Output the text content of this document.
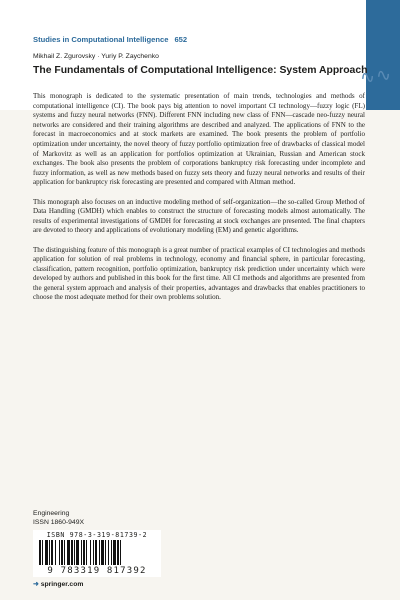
∿∿
Studies in Computational Intelligence 652
Mikhail Z. Zgurovsky · Yuriy P. Zaychenko
The Fundamentals of Computational Intelligence: System Approach

This monograph is dedicated to the systematic presentation of main trends, technologies and methods of computational intelligence (CI). The book pays big attention to novel important CI technology—fuzzy logic (FL) systems and fuzzy neural networks (FNN). Different FNN including new class of FNN—cascade neo-fuzzy neural networks are considered and their training algorithms are described and analyzed. The applications of FNN to the forecast in macroeconomics and at stock markets are examined. The book presents the problem of portfolio optimization under uncertainty, the novel theory of fuzzy portfolio optimization free of drawbacks of classical model of Markovitz as well as an application for portfolios optimization at Ukrainian, Russian and American stock exchanges. The book also presents the problem of corporations bankruptcy risk forecasting under incomplete and fuzzy information, as well as new methods based on fuzzy sets theory and fuzzy neural networks and results of their application for bankruptcy risk forecasting are presented and compared with Altman method.

This monograph also focuses on an inductive modeling method of self-organization—the so-called Group Method of Data Handling (GMDH) which enables to construct the structure of forecasting models almost automatically. The results of experimental investigations of GMDH for forecasting at stock exchanges are presented. The final chapters are devoted to theory and applications of evolutionary modeling (EM) and genetic algorithms.

The distinguishing feature of this monograph is a great number of practical examples of CI technologies and methods application for solution of real problems in technology, economy and financial sphere, in particular forecasting, classification, pattern recognition, portfolio optimization, bankruptcy risk prediction under uncertainty which were developed by authors and published in this book for the first time. All CI methods and algorithms are presented from the general system approach and analysis of their properties, advantages and drawbacks that enables practitioners to choose the most adequate method for their own problems solution.

Engineering
ISSN 1860-949X
ISBN 978-3-319-81739-2
9 783319 817392
➜ springer.com
